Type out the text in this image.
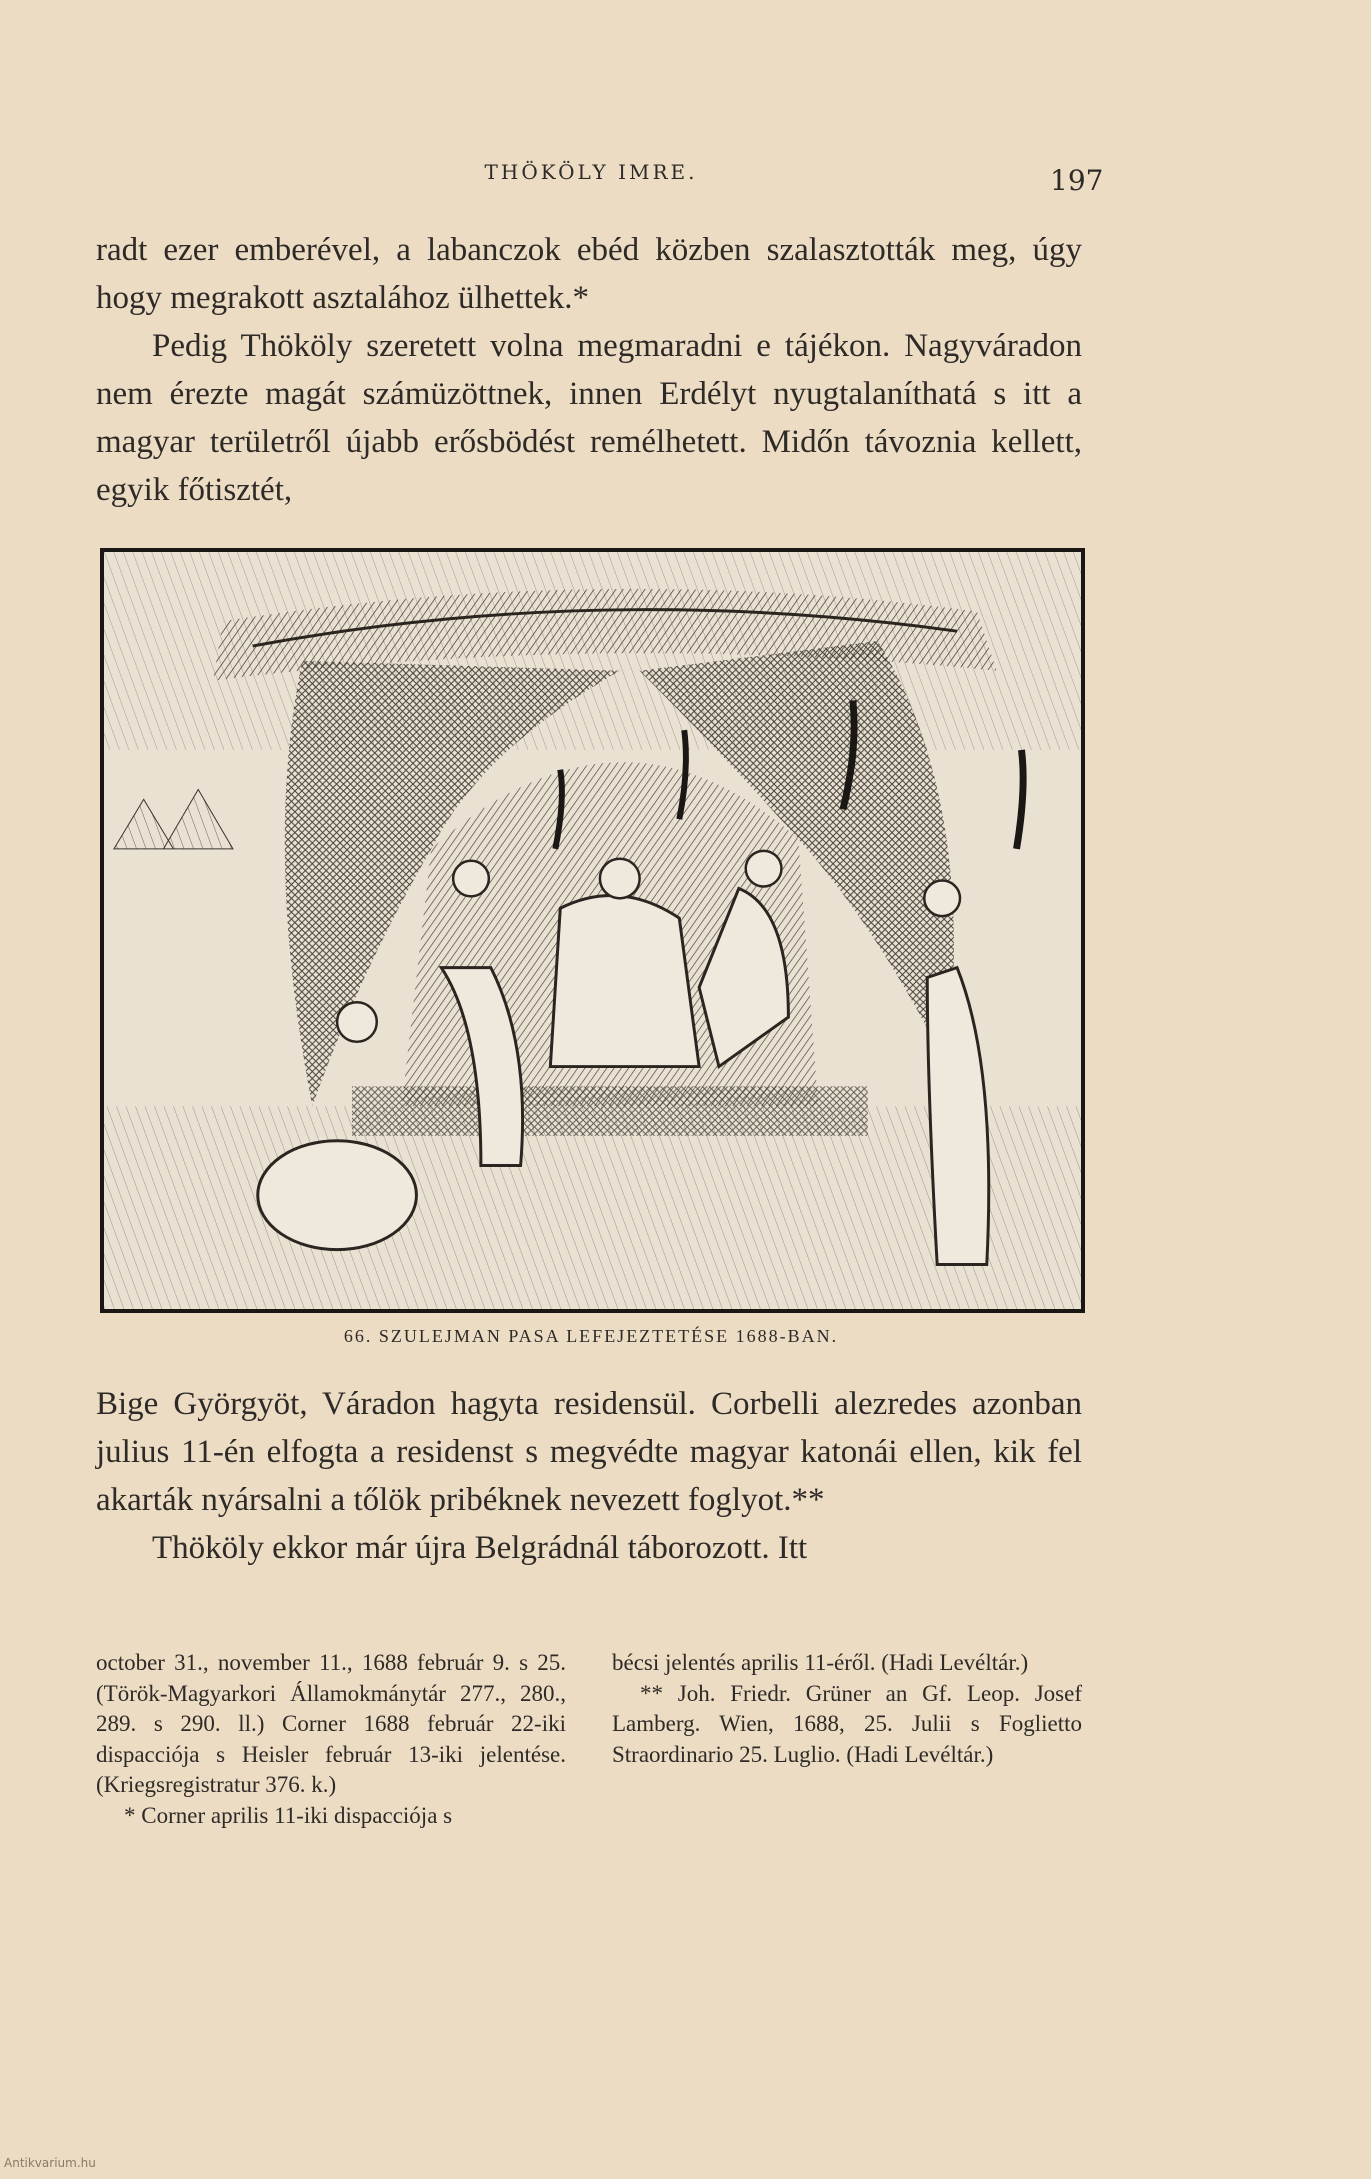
THÖKÖLY IMRE.	197

radt ezer emberével, a labanczok ebéd közben szalasztották meg, úgy hogy megrakott asztalához ülhettek.*

Pedig Thököly szeretett volna megmaradni e tájékon. Nagyváradon nem érezte magát számüzöttnek, innen Erdélyt nyugtalaníthatá s itt a magyar területről újabb erősbödést remélhetett. Midőn távoznia kellett, egyik főtisztét,

66. SZULEJMAN PASA LEFEJEZTETÉSE 1688-BAN.

Bige Györgyöt, Váradon hagyta residensül. Corbelli alezredes azonban julius 11-én elfogta a residenst s megvédte magyar katonái ellen, kik fel akarták nyársalni a tőlök pribéknek nevezett foglyot.**

Thököly ekkor már újra Belgrádnál táborozott. Itt

october 31., november 11., 1688 február 9. s 25. (Török-Magyarkori Államokmánytár 277., 280., 289. s 290. ll.) Corner 1688 február 22-iki dispacciója s Heisler február 13-iki jelentése. (Kriegsregistratur 376. k.)

* Corner aprilis 11-iki dispacciója s

bécsi jelentés aprilis 11-éről. (Hadi Levéltár.)

** Joh. Friedr. Grüner an Gf. Leop. Josef Lamberg. Wien, 1688, 25. Julii s Foglietto Straordinario 25. Luglio. (Hadi Levéltár.)

Antikvarium.hu
